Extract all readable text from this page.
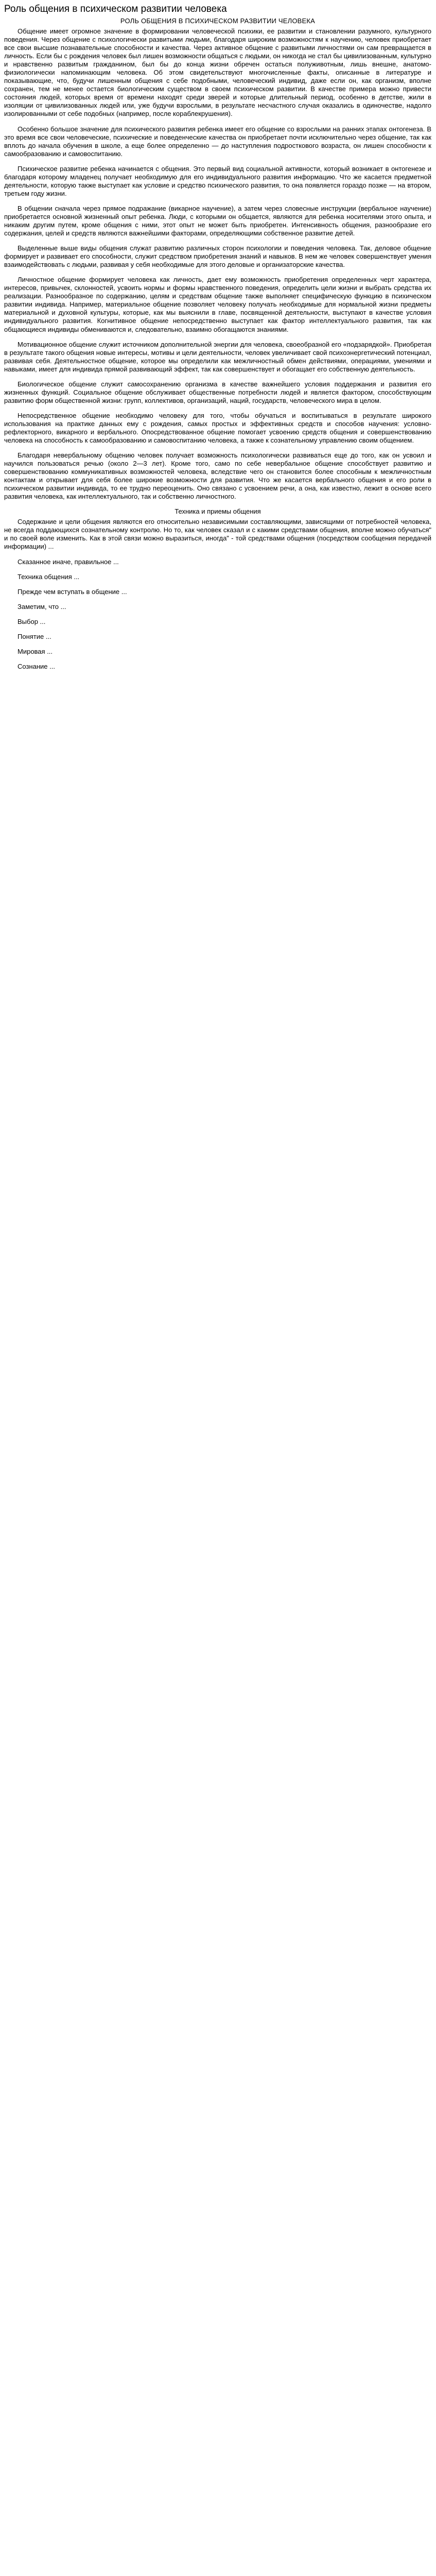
Роль общения в психическом развитии человека
РОЛЬ ОБЩЕНИЯ В ПСИХИЧЕСКОМ РАЗВИТИИ ЧЕЛОВЕКА

Общение имеет огромное значение в формировании человеческой психики, ее развитии и становлении разумного, культурного поведения. Через общение с психологически развитыми людьми, благодаря широким возможностям к научению, человек приобретает все свои высшие познавательные способности и качества. Через активное общение с развитыми личностями он сам превращается в личность. Если бы с рождения человек был лишен возможности общаться с людьми, он никогда не стал бы цивилизованным, культурно и нравственно развитым гражданином, был бы до конца жизни обречен остаться полуживотным, лишь внешне, анатомо-физиологически напоминающим человека. Об этом свидетельствуют многочисленные факты, описанные в литературе и показывающие, что, будучи лишенным общения с себе подобными, человеческий индивид, даже если он, как организм, вполне сохранен, тем не менее остается биологическим существом в своем психическом развитии. В качестве примера можно привести состояния людей, которых время от времени находят среди зверей и которые длительный период, особенно в детстве, жили в изоляции от цивилизованных людей или, уже будучи взрослыми, в результате несчастного случая оказались в одиночестве, надолго изолированными от себе подобных (например, после кораблекрушения).

Особенно большое значение для психического развития ребенка имеет его общение со взрослыми на ранних этапах онтогенеза. В это время все свои человеческие, психические и поведенческие качества он приобретает почти исключительно через общение, так как вплоть до начала обучения в школе, а еще более определенно — до наступления подросткового возраста, он лишен способности к самообразованию и самовоспитанию.

Психическое развитие ребенка начинается с общения. Это первый вид социальной активности, который возникает в онтогенезе и благодаря которому младенец получает необходимую для его индивидуального развития информацию. Что же касается предметной деятельности, которую также выступает как условие и средство психического развития, то она появляется гораздо позже — на втором, третьем году жизни.

В общении сначала через прямое подражание (викарное научение), а затем через словесные инструкции (вербальное научение) приобретается основной жизненный опыт ребенка. Люди, с которыми он общается, являются для ребенка носителями этого опыта, и никаким другим путем, кроме общения с ними, этот опыт не может быть приобретен. Интенсивность общения, разнообразие его содержания, целей и средств являются важнейшими факторами, определяющими собственное развитие детей.

Выделенные выше виды общения служат развитию различных сторон психологии и поведения человека. Так, деловое общение формирует и развивает его способности, служит средством приобретения знаний и навыков. В нем же человек совершенствует умения взаимодействовать с людьми, развивая у себя необходимые для этого деловые и организаторские качества.

Личностное общение формирует человека как личность, дает ему возможность приобретения определенных черт характера, интересов, привычек, склонностей, усвоить нормы и формы нравственного поведения, определить цели жизни и выбрать средства их реализации. Разнообразное по содержанию, целям и средствам общение также выполняет специфическую функцию в психическом развитии индивида. Например, материальное общение позволяет человеку получать необходимые для нормальной жизни предметы материальной и духовной культуры, которые, как мы выяснили в главе, посвященной деятельности, выступают в качестве условия индивидуального развития. Когнитивное общение непосредственно выступает как фактор интеллектуального развития, так как общающиеся индивиды обмениваются и, следовательно, взаимно обогащаются знаниями.

Мотивационное общение служит источником дополнительной энергии для человека, своеобразной его «подзарядкой». Приобретая в результате такого общения новые интересы, мотивы и цели деятельности, человек увеличивает свой психоэнергетический потенциал, развивая себя. Деятельностное общение, которое мы определили как межличностный обмен действиями, операциями, умениями и навыками, имеет для индивида прямой развивающий эффект, так как совершенствует и обогащает его собственную деятельность.

Биологическое общение служит самосохранению организма в качестве важнейшего условия поддержания и развития его жизненных функций. Социальное общение обслуживает общественные потребности людей и является фактором, способствующим развитию форм общественной жизни: групп, коллективов, организаций, наций, государств, человеческого мира в целом.

Непосредственное общение необходимо человеку для того, чтобы обучаться и воспитываться в результате широкого использования на практике данных ему с рождения, самых простых и эффективных средств и способов научения: условно-рефлекторного, викарного и вербального. Опосредствованное общение помогает усвоению средств общения и совершенствованию человека на способность к самообразованию и самовоспитанию человека, а также к сознательному управлению своим общением.

Благодаря невербальному общению человек получает возможность психологически развиваться еще до того, как он усвоил и научился пользоваться речью (около 2—3 лет). Кроме того, само по себе невербальное общение способствует развитию и совершенствованию коммуникативных возможностей человека, вследствие чего он становится более способным к межличностным контактам и открывает для себя более широкие возможности для развития. Что же касается вербального общения и его роли в психическом развитии индивида, то ее трудно переоценить. Оно связано с усвоением речи, а она, как известно, лежит в основе всего развития человека, как интеллектуального, так и собственно личностного.

Техника и приемы общения

Содержание и цели общения являются его относительно независимыми составляющими, зависящими от потребностей человека, не всегда поддающихся сознательному контролю. Но то, как человек сказал и с какими средствами общения, вполне можно обучаться" и по своей воле изменить. Как в этой связи можно выразиться, иногда" - той средствами общения (посредством сообщения передачей информации) ...

Сказанное иначе, правильное ...

Техника общения ...

Прежде чем вступать в общение ...

Заметим, что ...

Выбор ...

Понятие ...

Мировая ...

Сознание ...
